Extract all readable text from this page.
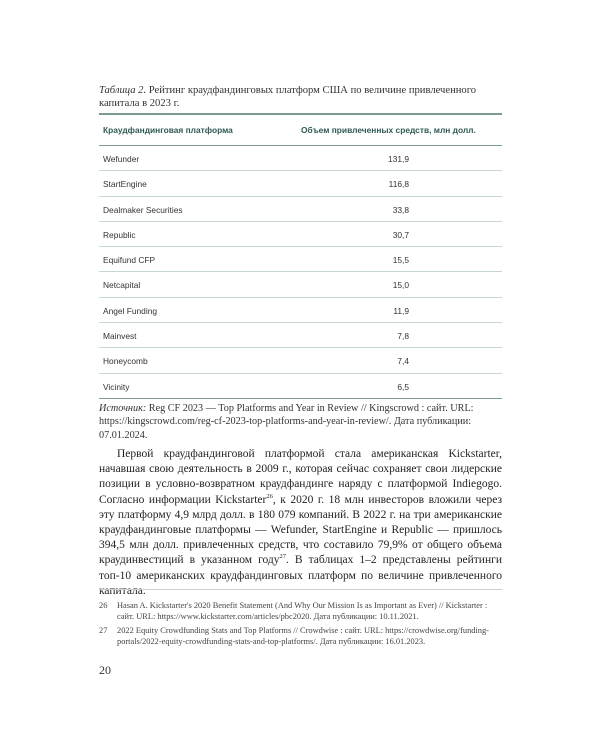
Таблица 2. Рейтинг краудфандинговых платформ США по величине привлеченного капитала в 2023 г.
Краудфандинговая платформа	Объем привлеченных средств, млн долл.
Wefunder	131,9
StartEngine	116,8
Dealmaker Securities	33,8
Republic	30,7
Equifund CFP	15,5
Netcapital	15,0
Angel Funding	11,9
Mainvest	7,8
Honeycomb	7,4
Vicinity	6,5
Источник: Reg CF 2023 — Top Platforms and Year in Review // Kingscrowd : сайт. URL: https://kingscrowd.com/reg-cf-2023-top-platforms-and-year-in-review/. Дата публикации: 07.01.2024.

Первой краудфандинговой платформой стала американская Kickstarter, начавшая свою деятельность в 2009 г., которая сейчас сохраняет свои лидерские позиции в условно-возвратном краудфандинге наряду с платформой Indiegogo. Согласно информации Kickstarter$^{26}$, к 2020 г. 18 млн инвесторов вложили через эту платформу 4,9 млрд долл. в 180 079 компаний. В 2022 г. на три американские краудфандинговые платформы — Wefunder, StartEngine и Republic — пришлось 394,5 млн долл. привлеченных средств, что составило 79,9% от общего объема краудинвестиций в указанном году$^{27}$. В таблицах 1–2 представлены рейтинги топ-10 американских краудфандинговых платформ по величине привлеченного капитала.

26	Hasan A. Kickstarter's 2020 Benefit Statement (And Why Our Mission Is as Important as Ever) // Kickstarter : сайт. URL: https://www.kickstarter.com/articles/pbc2020. Дата публикации: 10.11.2021.
27	2022 Equity Crowdfunding Stats and Top Platforms // Crowdwise : сайт. URL: https://crowdwise.org/funding-portals/2022-equity-crowdfunding-stats-and-top-platforms/. Дата публикации: 16.01.2023.
20
